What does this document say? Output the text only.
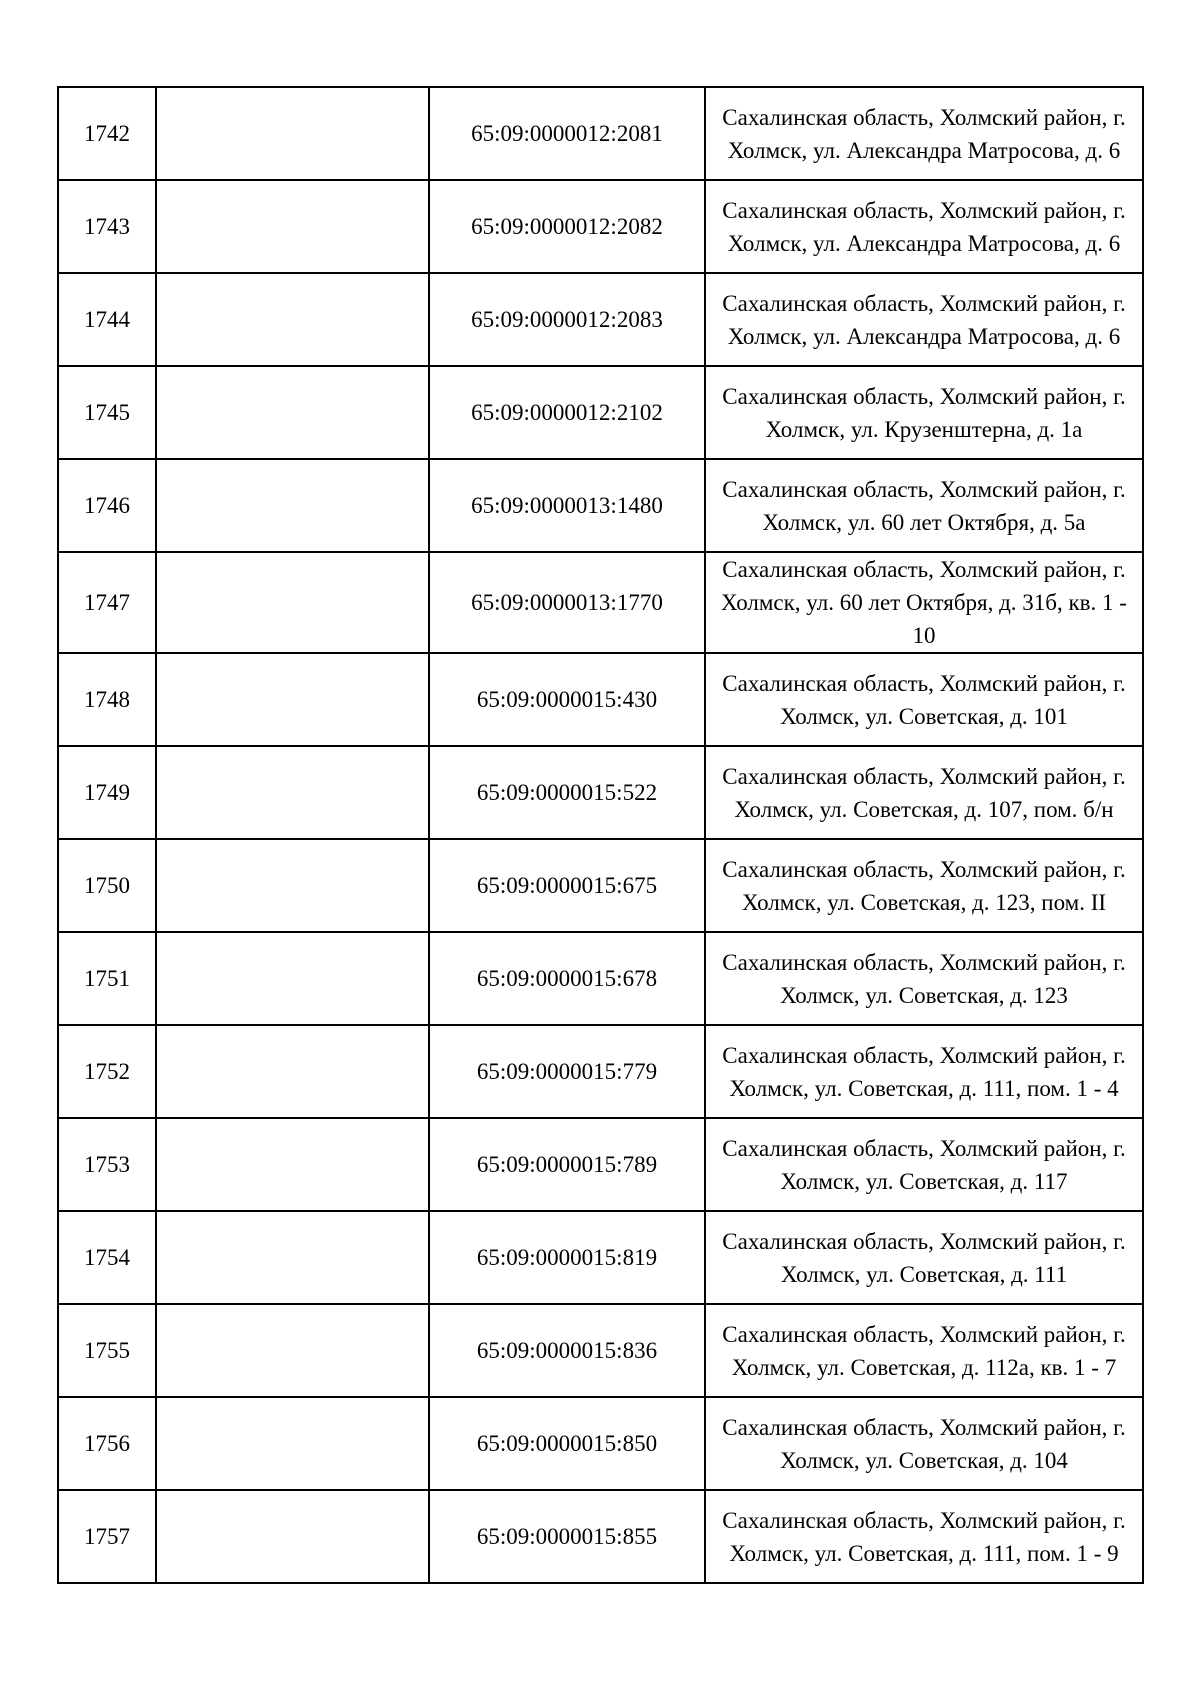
1742		65:09:0000012:2081	Сахалинская область, Холмский район, г. Холмск, ул. Александра Матросова, д. 6
1743		65:09:0000012:2082	Сахалинская область, Холмский район, г. Холмск, ул. Александра Матросова, д. 6
1744		65:09:0000012:2083	Сахалинская область, Холмский район, г. Холмск, ул. Александра Матросова, д. 6
1745		65:09:0000012:2102	Сахалинская область, Холмский район, г. Холмск, ул. Крузенштерна, д. 1а
1746		65:09:0000013:1480	Сахалинская область, Холмский район, г. Холмск, ул. 60 лет Октября, д. 5а
1747		65:09:0000013:1770	Сахалинская область, Холмский район, г. Холмск, ул. 60 лет Октября, д. 31б, кв. 1 - 10
1748		65:09:0000015:430	Сахалинская область, Холмский район, г. Холмск, ул. Советская, д. 101
1749		65:09:0000015:522	Сахалинская область, Холмский район, г. Холмск, ул. Советская, д. 107, пом. б/н
1750		65:09:0000015:675	Сахалинская область, Холмский район, г. Холмск, ул. Советская, д. 123, пом. II
1751		65:09:0000015:678	Сахалинская область, Холмский район, г. Холмск, ул. Советская, д. 123
1752		65:09:0000015:779	Сахалинская область, Холмский район, г. Холмск, ул. Советская, д. 111, пом. 1 - 4
1753		65:09:0000015:789	Сахалинская область, Холмский район, г. Холмск, ул. Советская, д. 117
1754		65:09:0000015:819	Сахалинская область, Холмский район, г. Холмск, ул. Советская, д. 111
1755		65:09:0000015:836	Сахалинская область, Холмский район, г. Холмск, ул. Советская, д. 112а, кв. 1 - 7
1756		65:09:0000015:850	Сахалинская область, Холмский район, г. Холмск, ул. Советская, д. 104
1757		65:09:0000015:855	Сахалинская область, Холмский район, г. Холмск, ул. Советская, д. 111, пом. 1 - 9
